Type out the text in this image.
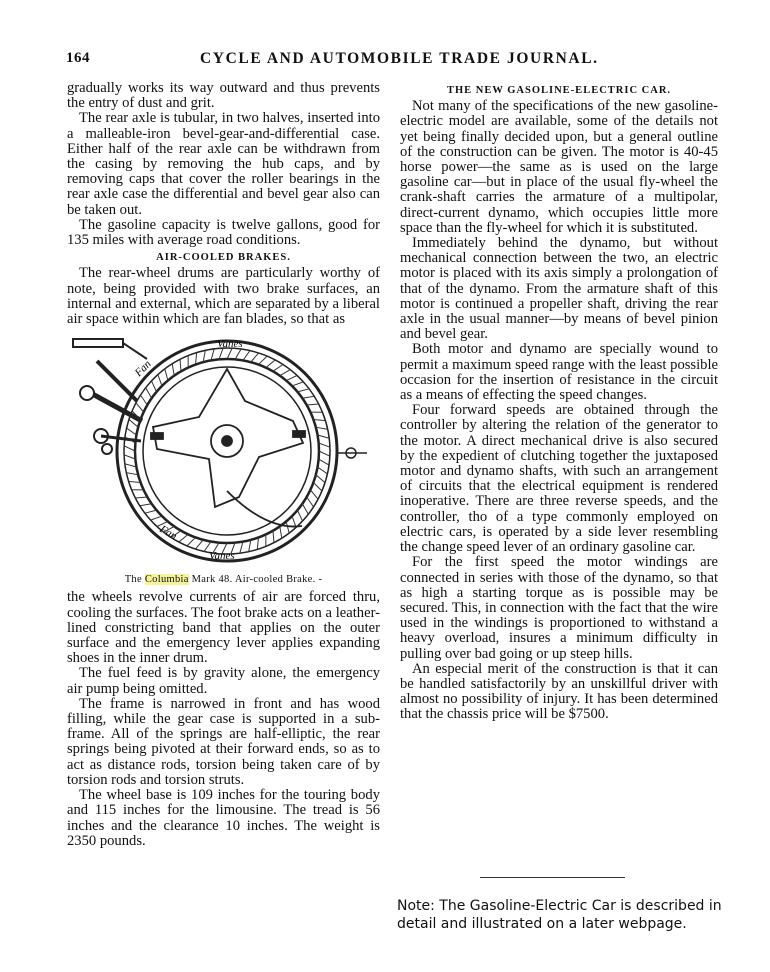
164	CYCLE AND AUTOMOBILE TRADE JOURNAL.

gradually works its way outward and thus prevents the entry of dust and grit.

The rear axle is tubular, in two halves, inserted into a malleable-iron bevel-gear-and-differential case. Either half of the rear axle can be withdrawn from the casing by removing the hub caps, and by removing caps that cover the roller bearings in the rear axle case the differential and bevel gear also can be taken out.

The gasoline capacity is twelve gallons, good for 135 miles with average road conditions.

AIR-COOLED BRAKES.

The rear-wheel drums are particularly worthy of note, being provided with two brake surfaces, an internal and external, which are separated by a liberal air space within which are fan blades, so that as

Vanes
Vanes
Fan
Fan
The Columbia Mark 48. Air-cooled Brake. -

the wheels revolve currents of air are forced thru, cooling the surfaces. The foot brake acts on a leather-lined constricting band that applies on the outer surface and the emergency lever applies expanding shoes in the inner drum.

The fuel feed is by gravity alone, the emergency air pump being omitted.

The frame is narrowed in front and has wood filling, while the gear case is supported in a sub-frame. All of the springs are half-elliptic, the rear springs being pivoted at their forward ends, so as to act as distance rods, torsion being taken care of by torsion rods and torsion struts.

The wheel base is 109 inches for the touring body and 115 inches for the limousine. The tread is 56 inches and the clearance 10 inches. The weight is 2350 pounds.

THE NEW GASOLINE-ELECTRIC CAR.

Not many of the specifications of the new gasoline-electric model are available, some of the details not yet being finally decided upon, but a general outline of the construction can be given. The motor is 40-45 horse power—the same as is used on the large gasoline car—but in place of the usual fly-wheel the crank-shaft carries the armature of a multipolar, direct-current dynamo, which occupies little more space than the fly-wheel for which it is substituted.

Immediately behind the dynamo, but without mechanical connection between the two, an electric motor is placed with its axis simply a prolongation of that of the dynamo. From the armature shaft of this motor is continued a propeller shaft, driving the rear axle in the usual manner—by means of bevel pinion and bevel gear.

Both motor and dynamo are specially wound to permit a maximum speed range with the least possible occasion for the insertion of resistance in the circuit as a means of effecting the speed changes.

Four forward speeds are obtained through the controller by altering the relation of the generator to the motor. A direct mechanical drive is also secured by the expedient of clutching together the juxtaposed motor and dynamo shafts, with such an arrangement of circuits that the electrical equipment is rendered inoperative. There are three reverse speeds, and the controller, tho of a type commonly employed on electric cars, is operated by a side lever resembling the change speed lever of an ordinary gasoline car.

For the first speed the motor windings are connected in series with those of the dynamo, so that as high a starting torque as is possible may be secured. This, in connection with the fact that the wire used in the windings is proportioned to withstand a heavy overload, insures a minimum difficulty in pulling over bad going or up steep hills.

An especial merit of the construction is that it can be handled satisfactorily by an unskillful driver with almost no possibility of injury. It has been determined that the chassis price will be $7500.

Note: The Gasoline-Electric Car is described in detail and illustrated on a later webpage.
